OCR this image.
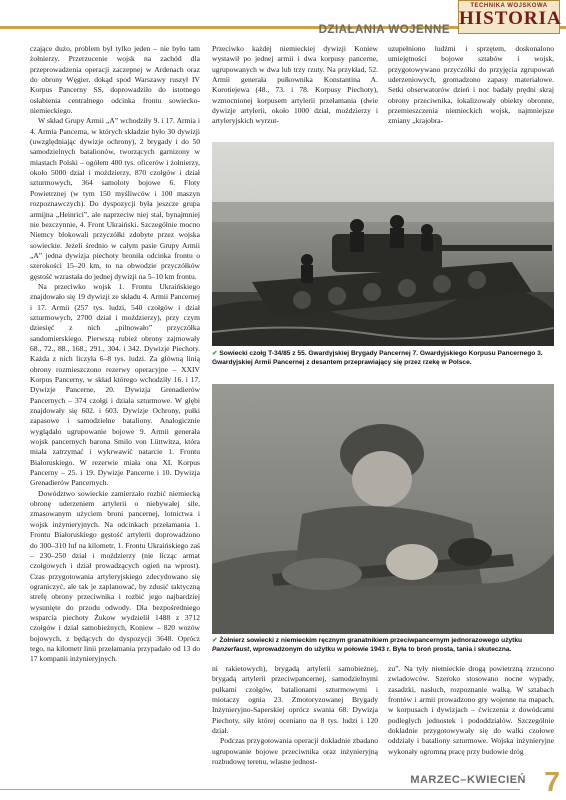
DZIAŁANIA WOJENNE
TECHNIKA WOJSKOWA
HISTORIA

czające dużo, problem był tylko jeden – nie było tam żołnierzy. Przerzucenie wojsk na zachód dla przeprowadzenia operacji zaczepnej w Ardenach oraz do obrony Węgier, dokąd spod Warszawy ruszył IV Korpus Pancerny SS, doprowadziło do istotnego osłabienia centralnego odcinka frontu sowiecko-niemieckiego.

W skład Grupy Armii „A” wchodziły 9. i 17. Armia i 4. Armia Pancerna, w których składzie było 30 dywizji (uwzględniając dywizje ochrony), 2 brygady i do 50 samodzielnych batalionów, tworzących garnizony w miastach Polski – ogółem 400 tys. oficerów i żołnierzy, około 5000 dział i moździerzy, 870 czołgów i dział szturmowych, 364 samoloty bojowe 6. Floty Powietrznej (w tym 150 myśliwców i 100 maszyn rozpoznawczych). Do dyspozycji była jeszcze grupa armijna „Heinrici”, ale naprzeciw niej stał, bynajmniej nie bezczynnie, 4. Front Ukraiński. Szczególnie mocno Niemcy blokowali przyczółki zdobyte przez wojska sowieckie. Jeżeli średnio w całym pasie Grupy Armii „A” jedna dywizja piechoty broniła odcinka frontu o szerokości 15–20 km, to na obwodzie przyczółków gęstość wzrastała do jednej dywizji na 5–10 km frontu.

Na przeciwko wojsk 1. Frontu Ukraińskiego znajdowało się 19 dywizji ze składu 4. Armii Pancernej i 17. Armii (257 tys. ludzi, 540 czołgów i dział szturmowych, 2700 dział i moździerzy), przy czym dziesięć z nich „pilnowało” przyczółka sandomierskiego. Pierwszą rubież obrony zajmowały 68., 72., 88., 168., 291., 304. i 342. Dywizje Piechoty. Każda z nich liczyła 6–8 tys. ludzi. Za główną linią obrony rozmieszczono rezerwy operacyjne – XXIV Korpus Pancerny, w skład którego wchodziły 16. i 17. Dywizje Pancerne, 20. Dywizja Grenadierów Pancernych – 374 czołgi i działa szturmowe. W głębi znajdowały się 602. i 603. Dywizje Ochrony, pułki zapasowe i samodzielne bataliony. Analogicznie wyglądało ugrupowanie bojowe 9. Armii generała wojsk pancernych barona Smilo von Lüttwitza, która miała zatrzymać i wykrwawić natarcie 1. Frontu Białoruskiego. W rezerwie miała ona XL Korpus Pancerny – 25. i 19. Dywizje Pancerne i 10. Dywizja Grenadierów Pancernych.

Dowództwo sowieckie zamierzało rozbić niemiecką obronę uderzeniem artylerii o niebywałej sile, zmasowanym użyciem broni pancernej, lotnictwa i wojsk inżynieryjnych. Na odcinkach przełamania 1. Frontu Białoruskiego gęstość artylerii doprowadzono do 300–310 luf na kilometr, 1. Frontu Ukraińskiego zaś – 230–250 dział i moździerzy (nie licząc armat czołgowych i dział prowadzących ogień na wprost). Czas przygotowania artyleryjskiego zdecydowano się ograniczyć, ale tak je zaplanować, by zdusić taktyczną strefę obrony przeciwnika i rozbić jego najbardziej wysunięte do przodu odwody. Dla bezpośredniego wsparcia piechoty Żukow wydzielił 1488 z 3712 czołgów i dział samobieżnych, Koniew – 820 wozów bojowych, z będących do dyspozycji 3648. Oprócz tego, na kilometr linii przełamania przypadało od 13 do 17 kompanii inżynieryjnych.

Przeciwko każdej niemieckiej dywizji Koniew wystawił po jednej armii i dwa korpusy pancerne, ugrupowanych w dwa lub trzy rzuty. Na przykład, 52. Armii generała pułkownika Konstantina A. Korotiejewa (48., 73. i 78. Korpusy Piechoty), wzmocnionej korpusem artylerii przełamania (dwie dywizje artylerii, około 1000 dział, moździerzy i artyleryjskich wyrzut-

uzupełniono ludźmi i sprzętem, doskonalono umiejętności bojowe sztabów i wojsk, przygotowywano przyczółki do przyjęcia zgrupowań uderzeniowych, gromadzono zapasy materiałowe. Setki obserwatorów dzień i noc badały prędni skraj obrony przeciwnika, lokalizowały obiekty obronne, przemieszczenia niemieckich wojsk, najmniejsze zmiany „krajobra-

✔ Sowiecki czołg T-34/85 z 55. Gwardyjskiej Brygady Pancernej 7. Gwardyjskiego Korpusu Pancernego 3. Gwardyjskiej Armii Pancernej z desantem przeprawiający się przez rzekę w Polsce.
✔ Żołnierz sowiecki z niemieckim ręcznym granatnikiem przeciwpancernym jednorazowego użytku Panzerfaust, wprowadzonym do użytku w połowie 1943 r. Była to broń prosta, tania i skuteczna.

ni rakietowych), brygadą artylerii samobieżnej, brygadą artylerii przeciwpancernej, samodzielnymi pułkami czołgów, batalionami szturmowymi i miotaczy ognia 23. Zmotoryzowanej Brygady Inżynieryjno-Saperskiej oprócz swania 68. Dywizja Piechoty, siły której oceniano na 8 tys. ludzi i 120 dział.

Podczas przygotowania operacji dokładnie zbadano ugrupowanie bojowe przeciwnika oraz inżynieryjną rozbudowę terenu, własne jednost-

zu”. Na tyły niemieckie drogą powietrzną zrzucono zwiadowców. Szeroko stosowano nocne wypady, zasadzki, nasłuch, rozpoznanie walką. W sztabach frontów i armii prowadzono gry wojenne na mapach, w korpusach i dywizjach – ćwiczenia z dowódcami podległych jednostek i pododdziałów. Szczególnie dokładnie przygotowywały się do walki czołowe oddziały i bataliony szturmowe. Wojska inżynieryjne wykonały ogromną pracę przy budowie dróg

MARZEC–KWIECIEŃ 7
